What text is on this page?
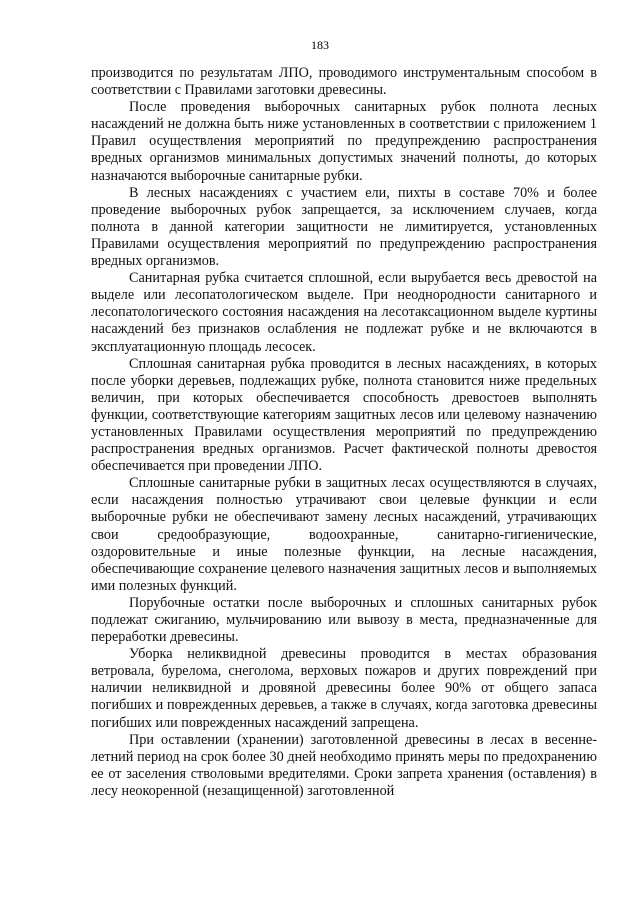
183

производится по результатам ЛПО, проводимого инструментальным способом в соответствии с Правилами заготовки древесины.

После проведения выборочных санитарных рубок полнота лесных насаждений не должна быть ниже установленных в соответствии с приложением 1 Правил осуществления мероприятий по предупреждению распространения вредных организмов минимальных допустимых значений полноты, до которых назначаются выборочные санитарные рубки.

В лесных насаждениях с участием ели, пихты в составе 70% и более проведение выборочных рубок запрещается, за исключением случаев, когда полнота в данной категории защитности не лимитируется, установленных Правилами осуществления мероприятий по предупреждению распространения вредных организмов.

Санитарная рубка считается сплошной, если вырубается весь древостой на выделе или лесопатологическом выделе. При неоднородности санитарного и лесопатологического состояния насаждения на лесотаксационном выделе куртины насаждений без признаков ослабления не подлежат рубке и не включаются в эксплуатационную площадь лесосек.

Сплошная санитарная рубка проводится в лесных насаждениях, в которых после уборки деревьев, подлежащих рубке, полнота становится ниже предельных величин, при которых обеспечивается способность древостоев выполнять функции, соответствующие категориям защитных лесов или целевому назначению установленных Правилами осуществления мероприятий по предупреждению распространения вредных организмов. Расчет фактической полноты древостоя обеспечивается при проведении ЛПО.

Сплошные санитарные рубки в защитных лесах осуществляются в случаях, если насаждения полностью утрачивают свои целевые функции и если выборочные рубки не обеспечивают замену лесных насаждений, утрачивающих свои средообразующие, водоохранные, санитарно-гигиенические, оздоровительные и иные полезные функции, на лесные насаждения, обеспечивающие сохранение целевого назначения защитных лесов и выполняемых ими полезных функций.

Порубочные остатки после выборочных и сплошных санитарных рубок подлежат сжиганию, мульчированию или вывозу в места, предназначенные для переработки древесины.

Уборка неликвидной древесины проводится в местах образования ветровала, бурелома, снеголома, верховых пожаров и других повреждений при наличии неликвидной и дровяной древесины более 90% от общего запаса погибших и поврежденных деревьев, а также в случаях, когда заготовка древесины погибших или поврежденных насаждений запрещена.

При оставлении (хранении) заготовленной древесины в лесах в весенне-летний период на срок более 30 дней необходимо принять меры по предохранению ее от заселения стволовыми вредителями. Сроки запрета хранения (оставления) в лесу неокоренной (незащищенной) заготовленной
